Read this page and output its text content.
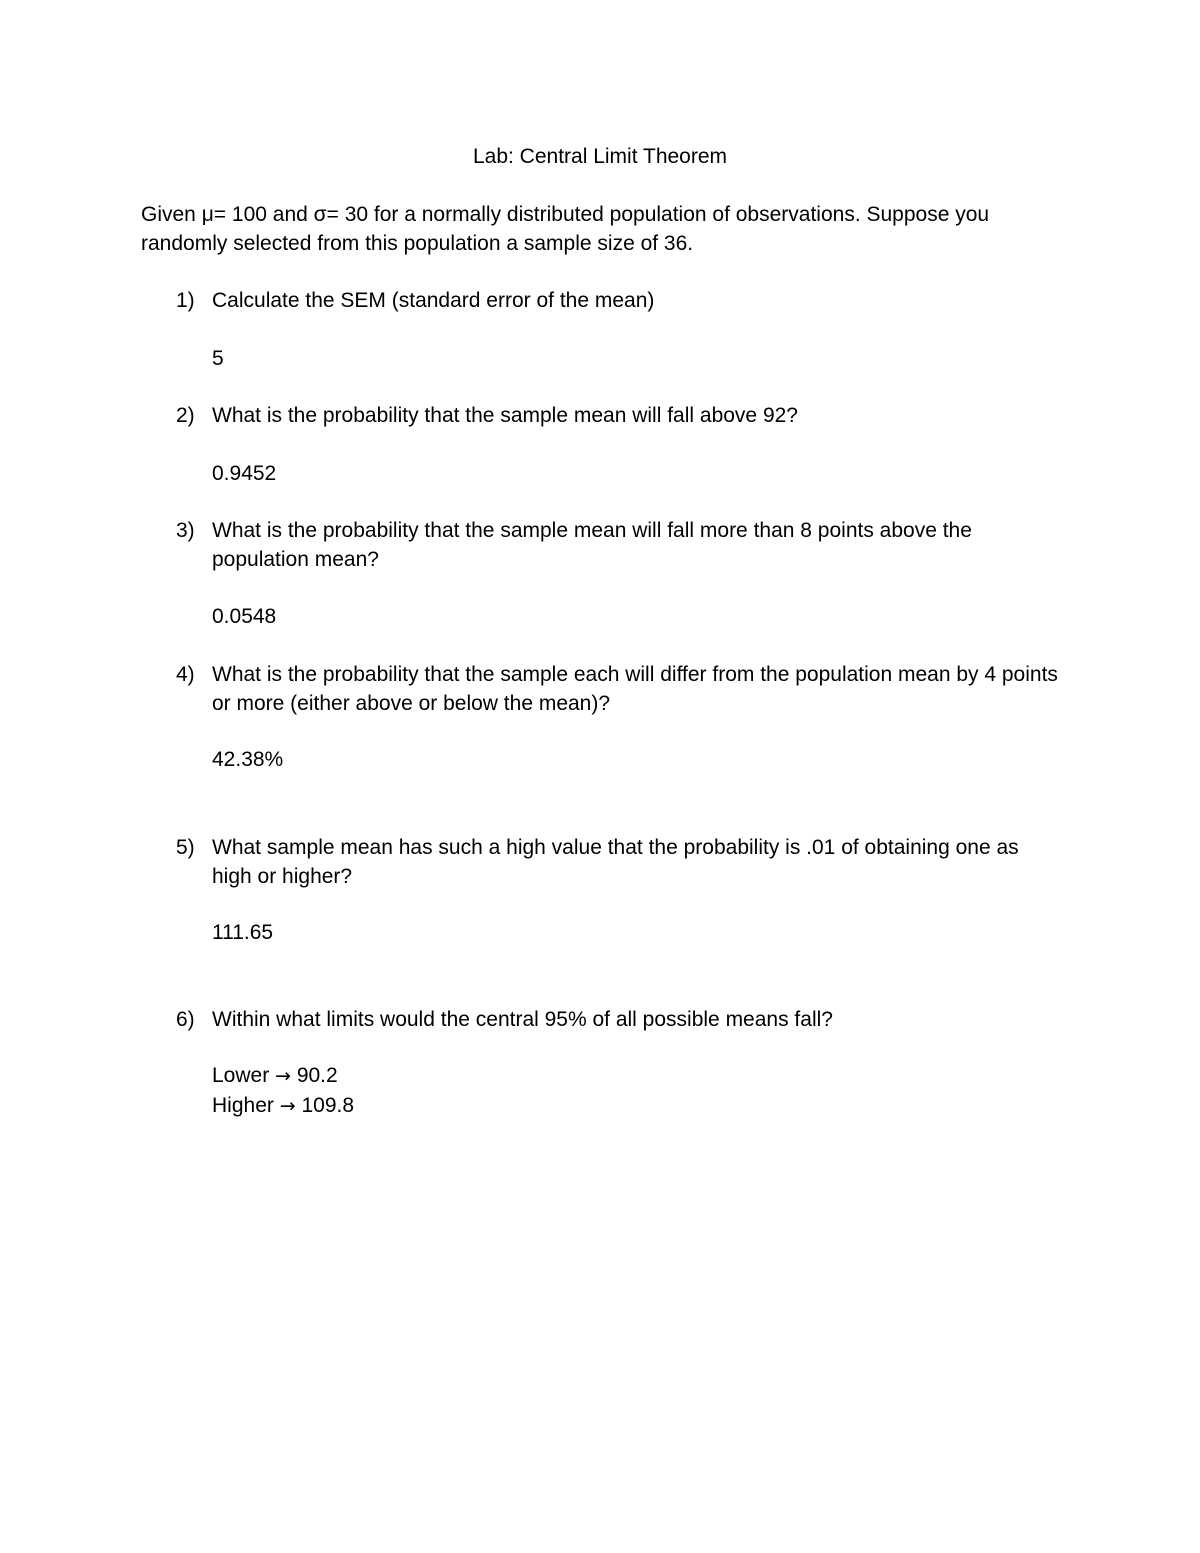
Lab: Central Limit Theorem
Given μ= 100 and σ= 30 for a normally distributed population of observations. Suppose you randomly selected from this population a sample size of 36.
1) Calculate the SEM (standard error of the mean)
5
2) What is the probability that the sample mean will fall above 92?
0.9452
3) What is the probability that the sample mean will fall more than 8 points above the population mean?
0.0548
4) What is the probability that the sample each will differ from the population mean by 4 points or more (either above or below the mean)?
42.38%
5) What sample mean has such a high value that the probability is .01 of obtaining one as high or higher?
111.65
6) Within what limits would the central 95% of all possible means fall?
Lower → 90.2
Higher → 109.8
